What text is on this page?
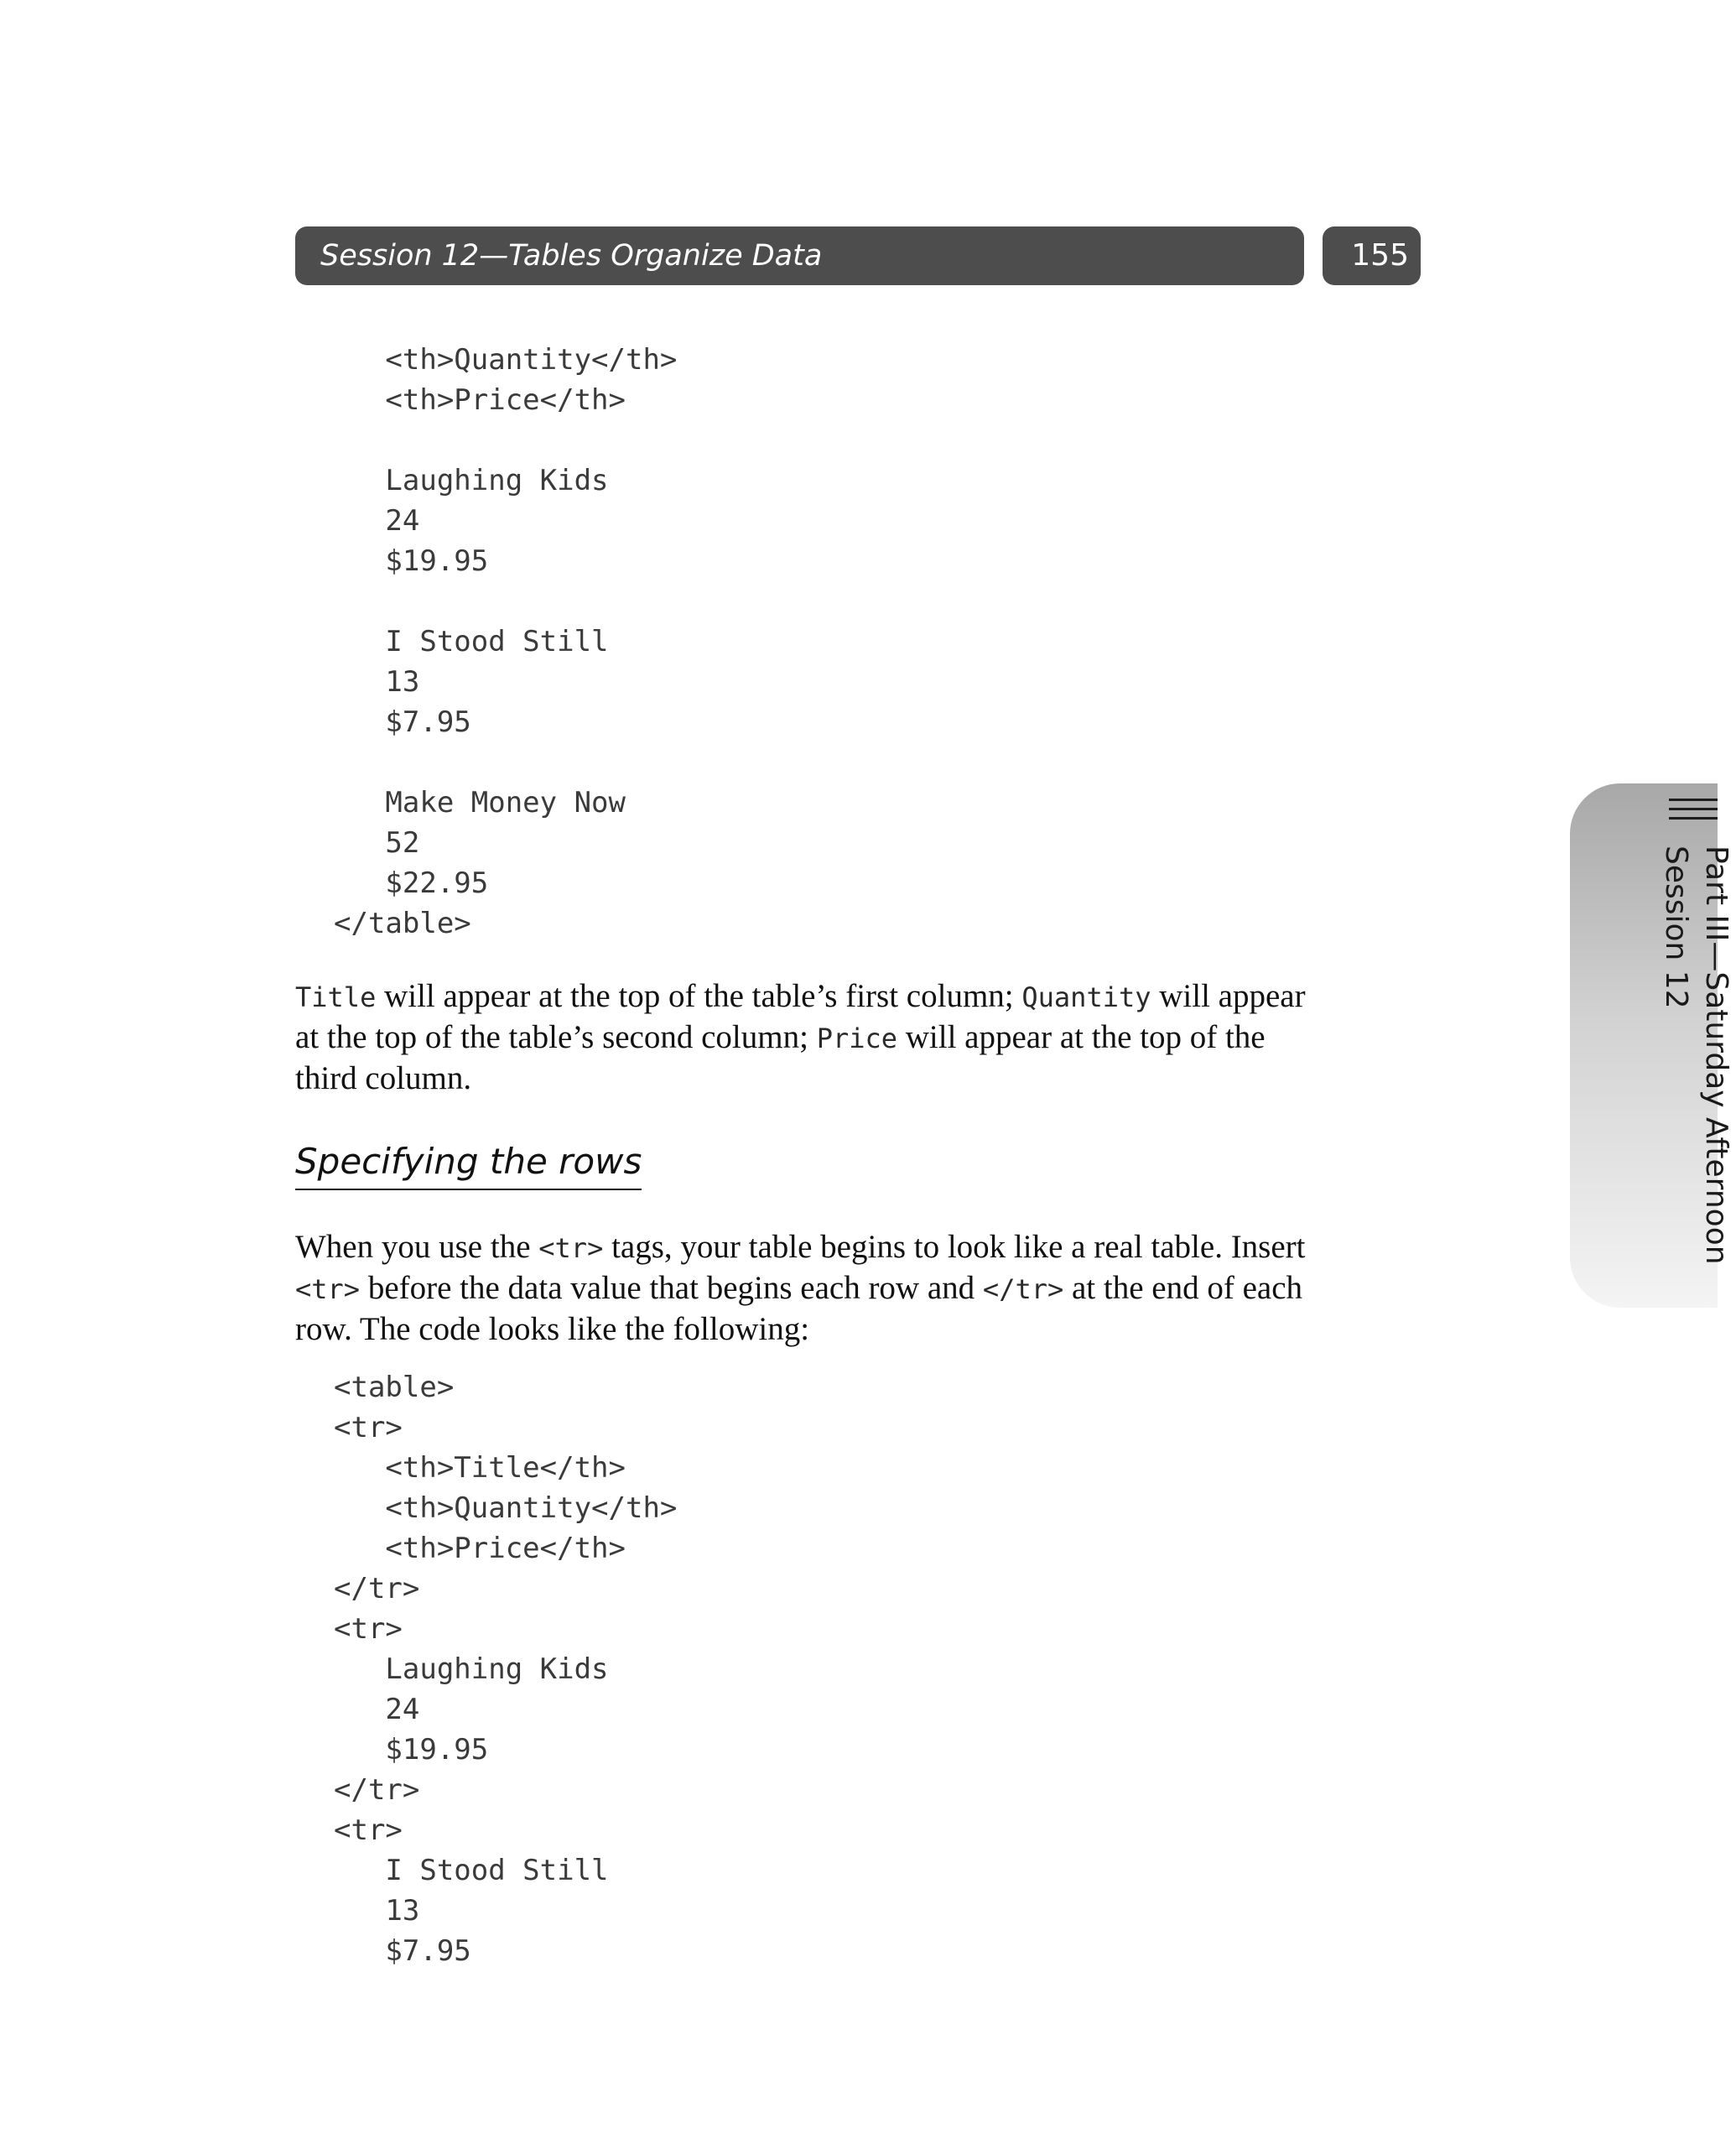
Session 12—Tables Organize Data	155
Part III—Saturday Afternoon
Session 12
<th>Quantity</th>
<th>Price</th>
Laughing Kids
24
$19.95
I Stood Still
13
$7.95
Make Money Now
52
$22.95
</table>
Title will appear at the top of the table’s first column; Quantity will appear
at the top of the table’s second column; Price will appear at the top of the
third column.
Specifying the rows
When you use the <tr> tags, your table begins to look like a real table. Insert
<tr> before the data value that begins each row and </tr> at the end of each
row. The code looks like the following:
<table>
<tr>
<th>Title</th>
<th>Quantity</th>
<th>Price</th>
</tr>
<tr>
Laughing Kids
24
$19.95
</tr>
<tr>
I Stood Still
13
$7.95
